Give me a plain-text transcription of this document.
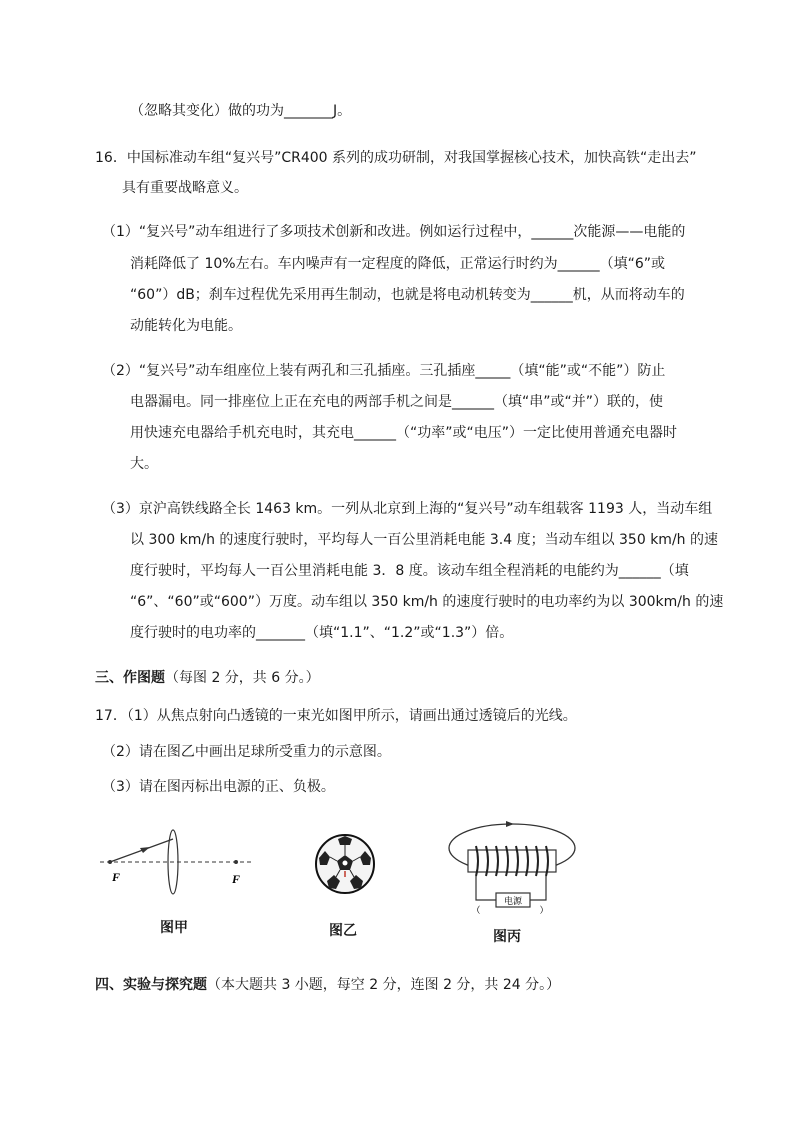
（忽略其变化）做的功为_______J。
16．中国标准动车组“复兴号”CR400 系列的成功研制，对我国掌握核心技术，加快高铁“走出去”
具有重要战略意义。
（1）“复兴号”动车组进行了多项技术创新和改进。例如运行过程中，______次能源——电能的
消耗降低了 10%左右。车内噪声有一定程度的降低，正常运行时约为______（填“6”或
“60”）dB；刹车过程优先采用再生制动，也就是将电动机转变为______机，从而将动车的
动能转化为电能。
（2）“复兴号”动车组座位上装有两孔和三孔插座。三孔插座_____（填“能”或“不能”）防止
电器漏电。同一排座位上正在充电的两部手机之间是______（填“串”或“并”）联的，使
用快速充电器给手机充电时，其充电______（“功率”或“电压”）一定比使用普通充电器时
大。
（3）京沪高铁线路全长 1463 km。一列从北京到上海的“复兴号”动车组载客 1193 人，当动车组
以 300 km/h 的速度行驶时，平均每人一百公里消耗电能 3.4 度；当动车组以 350 km/h 的速
度行驶时，平均每人一百公里消耗电能 3．8 度。该动车组全程消耗的电能约为______（填
“6”、“60”或“600”）万度。动车组以 350 km/h 的速度行驶时的电功率约为以 300km/h 的速
度行驶时的电功率的_______（填“1.1”、“1.2”或“1.3”）倍。
三、作图题（每图 2 分，共 6 分。）
17．（1）从焦点射向凸透镜的一束光如图甲所示，请画出通过透镜后的光线。
（2）请在图乙中画出足球所受重力的示意图。
（3）请在图丙标出电源的正、负极。
F	F
图甲	图乙
电源
（	）
图丙
四、实验与探究题（本大题共 3 小题，每空 2 分，连图 2 分，共 24 分。）
